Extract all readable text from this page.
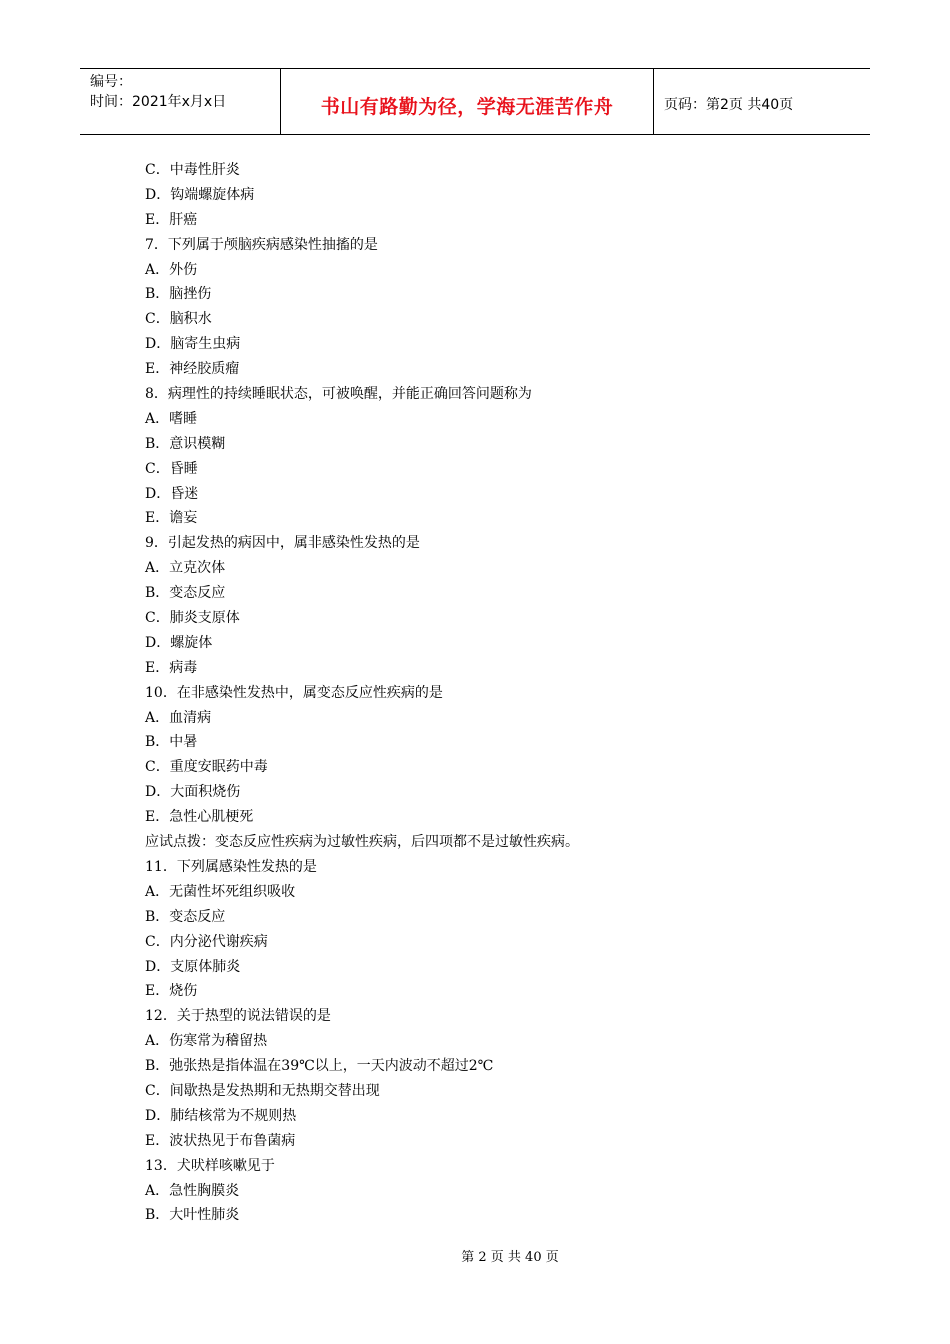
编号：
时间：2021年x月x日	书山有路勤为径，学海无涯苦作舟	页码：第2页 共40页
C．中毒性肝炎
D．钩端螺旋体病
E．肝癌
7．下列属于颅脑疾病感染性抽搐的是
A．外伤
B．脑挫伤
C．脑积水
D．脑寄生虫病
E．神经胶质瘤
8．病理性的持续睡眠状态，可被唤醒，并能正确回答问题称为
A．嗜睡
B．意识模糊
C．昏睡
D．昏迷
E．谵妄
9．引起发热的病因中，属非感染性发热的是
A．立克次体
B．变态反应
C．肺炎支原体
D．螺旋体
E．病毒
10．在非感染性发热中，属变态反应性疾病的是
A．血清病
B．中暑
C．重度安眠药中毒
D．大面积烧伤
E．急性心肌梗死
应试点拨：变态反应性疾病为过敏性疾病，后四项都不是过敏性疾病。
11．下列属感染性发热的是
A．无菌性坏死组织吸收
B．变态反应
C．内分泌代谢疾病
D．支原体肺炎
E．烧伤
12．关于热型的说法错误的是
A．伤寒常为稽留热
B．弛张热是指体温在39℃以上，一天内波动不超过2℃
C．间歇热是发热期和无热期交替出现
D．肺结核常为不规则热
E．波状热见于布鲁菌病
13．犬吠样咳嗽见于
A．急性胸膜炎
B．大叶性肺炎
第 2 页 共 40 页
